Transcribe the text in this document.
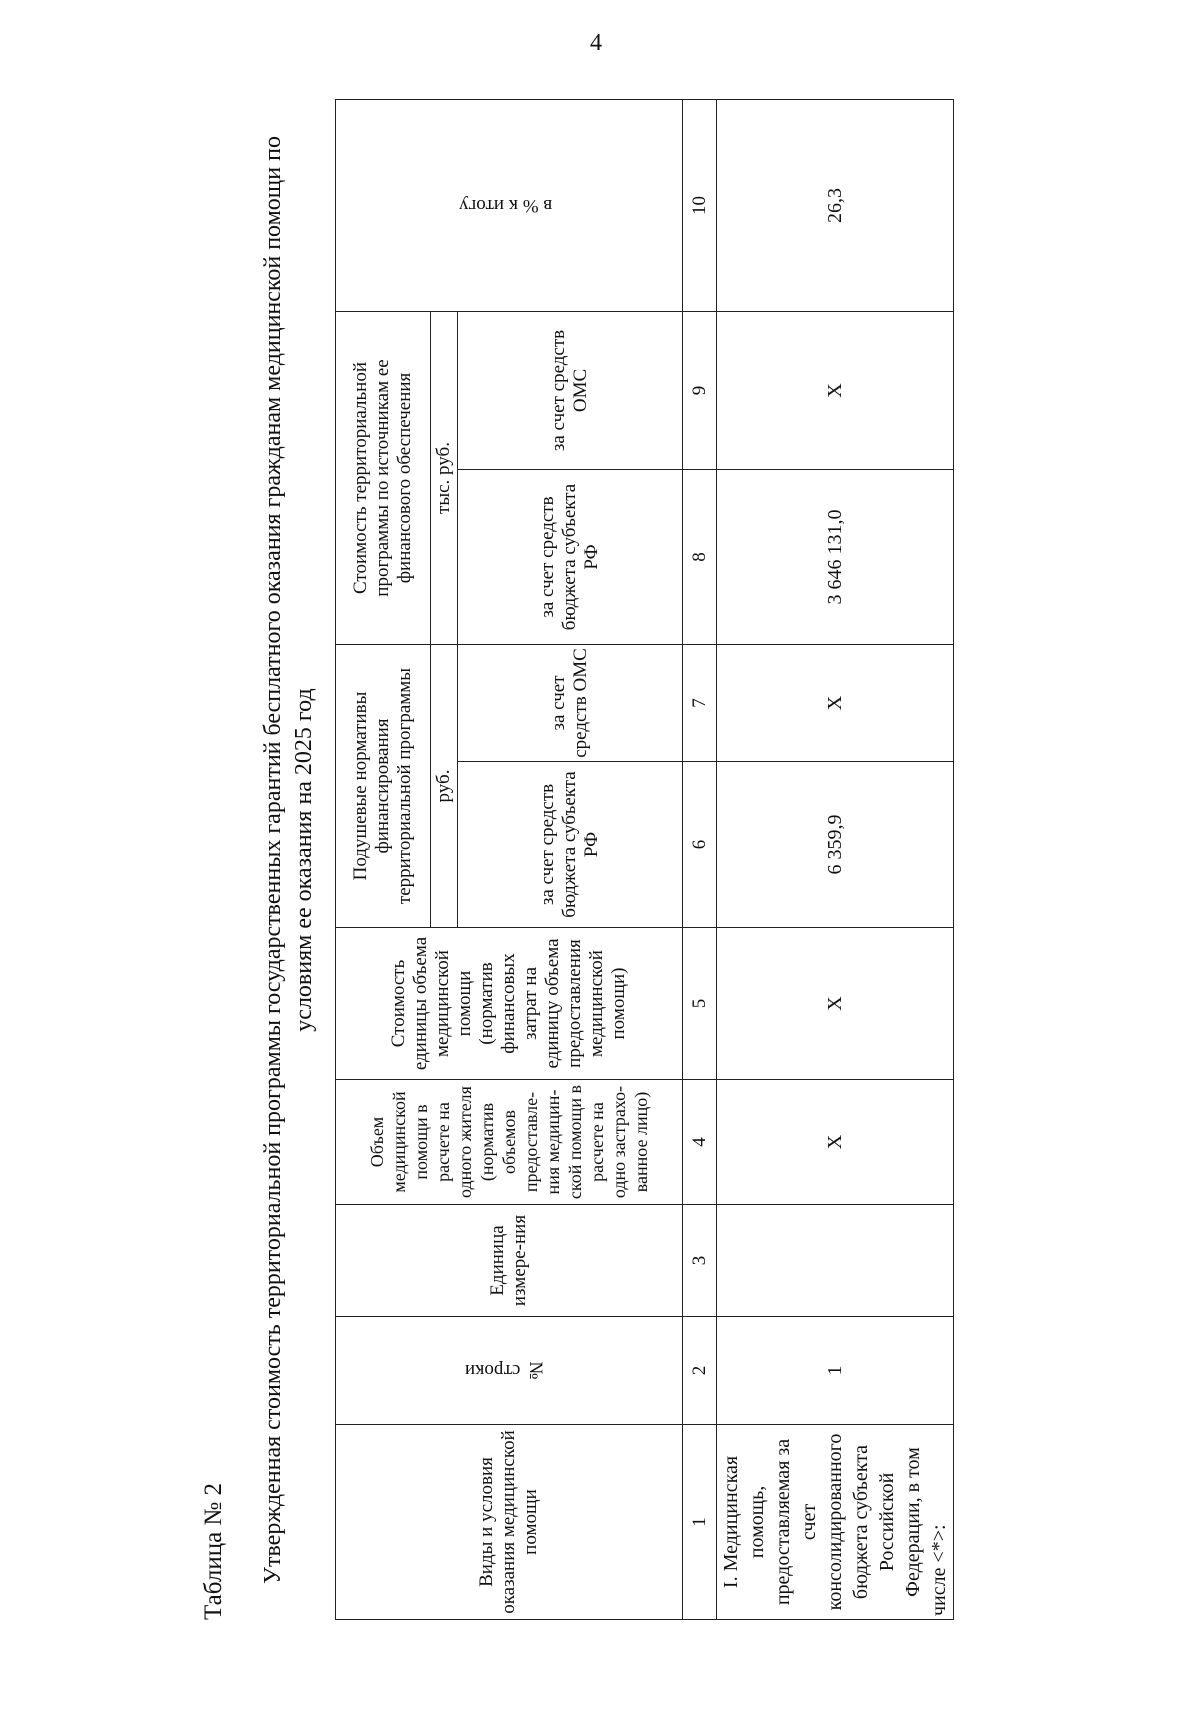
4
Таблица № 2 Утвержденная стоимость территориальной программы государственных гарантий бесплатного оказания гражданам медицинской помощи по условиям ее оказания на 2025 год
Виды и условия оказания медицинской помощи	№ строки	Единица измере-ния	Объем медицинской помощи в расчете на одного жителя (норматив объемов предоставле-ния медицин-ской помощи в расчете на одно застрахо-ванное лицо)	Стоимость единицы объема медицинской помощи (норматив финансовых затрат на единицу объема предоставления медицинской помощи)	Подушевые нормативы финансирования территориальной программы		Стоимость территориальной программы по источникам ее финансового обеспечения		в % к итогу
					руб.		тыс. руб.		
					за счет средств бюджета субъекта РФ	за счет средств ОМС	за счет средств бюджета субъекта РФ	за счет средств ОМС	
1	2	3	4	5	6	7	8	9	10
I. Медицинская помощь, предоставляемая за счет консолидированного бюджета субъекта Российской Федерации, в том числе <*>:	1		X	X	6 359,9	X	3 646 131,0	X	26,3
